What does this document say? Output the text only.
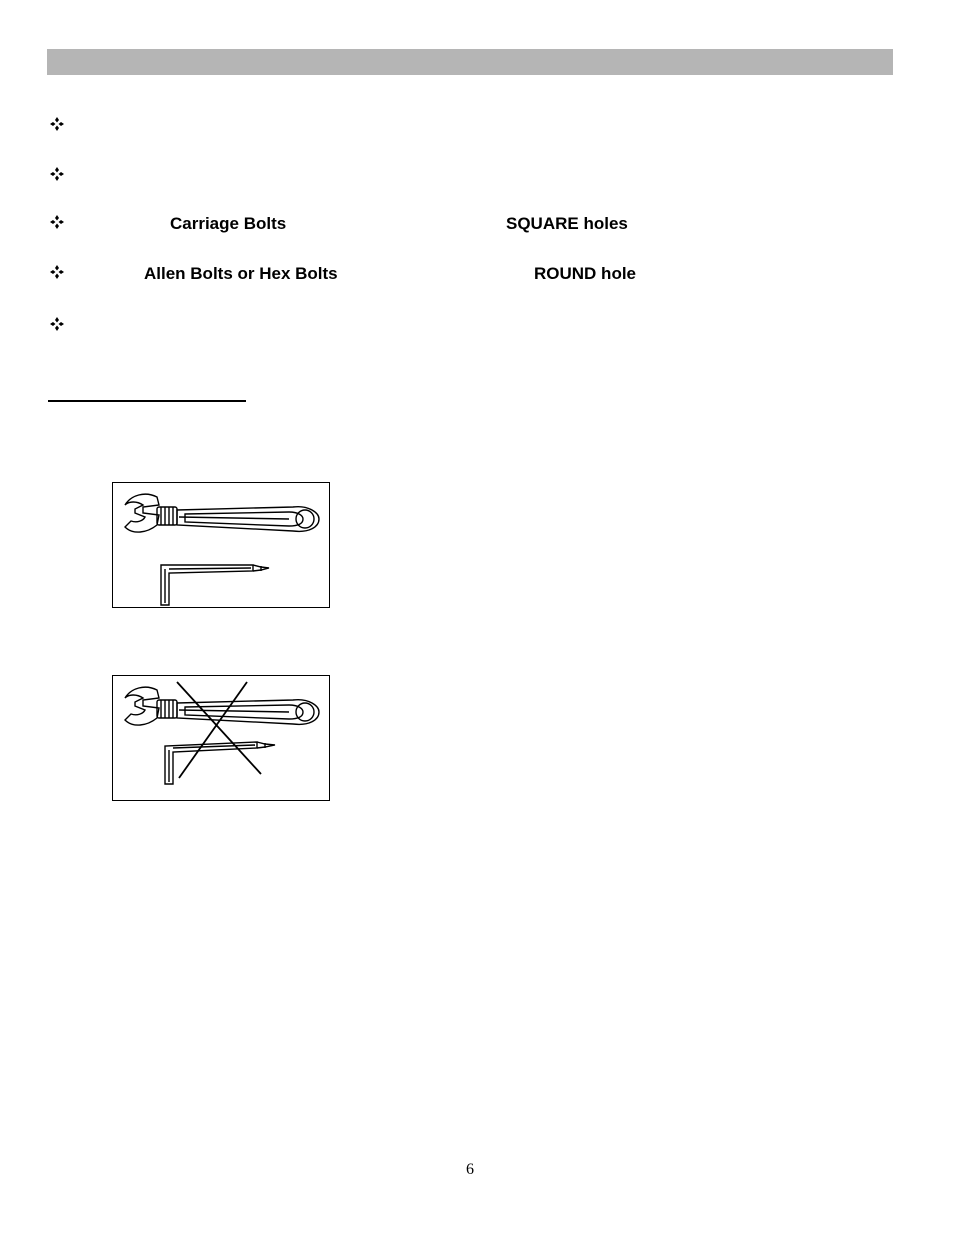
Carriage Bolts	SQUARE holes
Allen Bolts or Hex Bolts	ROUND hole
6
